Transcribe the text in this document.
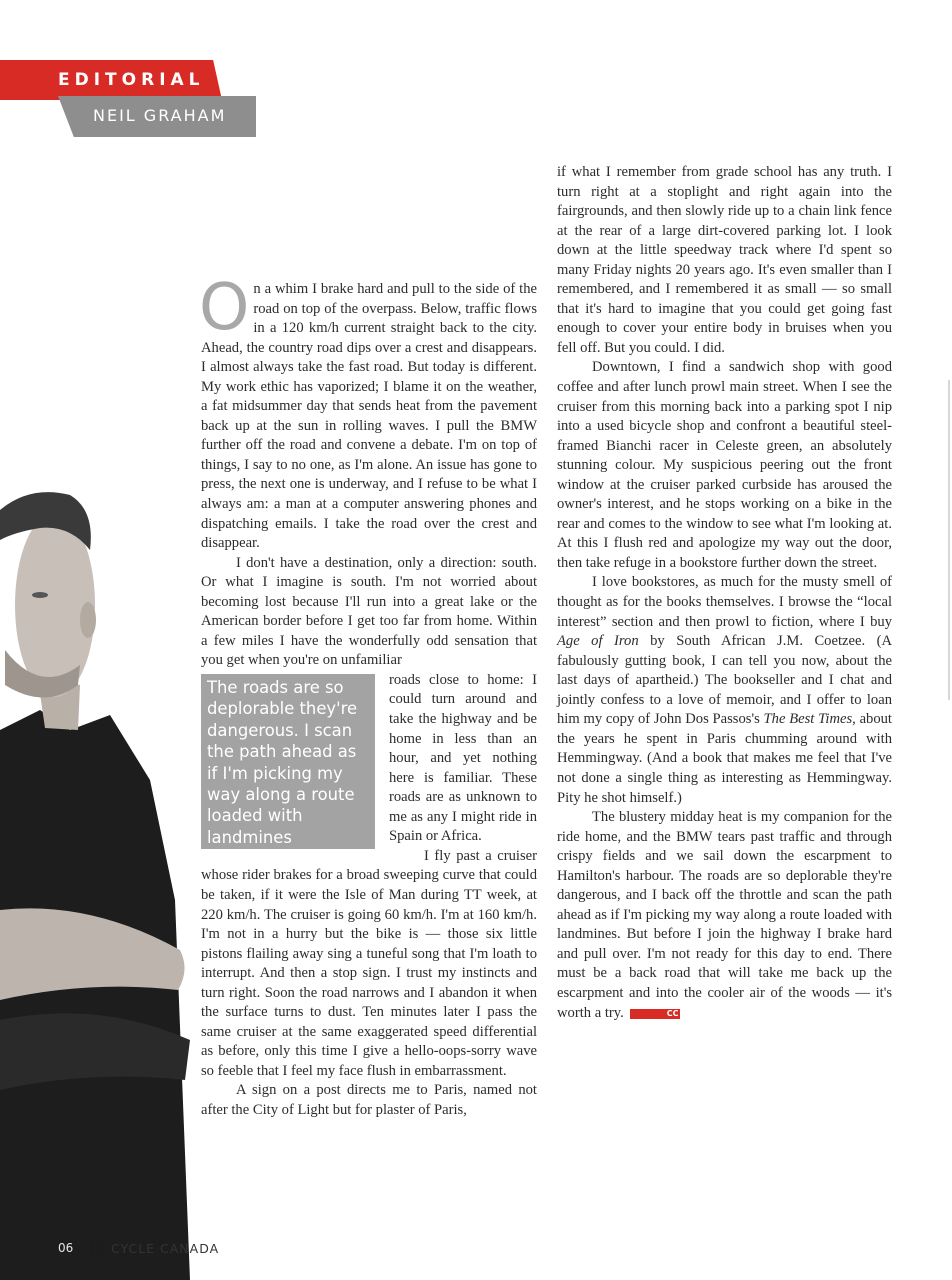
EDITORIAL
NEIL GRAHAM

On a whim I brake hard and pull to the side of the road on top of the overpass. Below, traffic flows in a 120 km/h current straight back to the city. Ahead, the country road dips over a crest and disappears. I almost always take the fast road. But today is different. My work ethic has vaporized; I blame it on the weather, a fat midsummer day that sends heat from the pavement back up at the sun in rolling waves. I pull the BMW further off the road and convene a debate. I'm on top of things, I say to no one, as I'm alone. An issue has gone to press, the next one is underway, and I refuse to be what I always am: a man at a computer answering phones and dispatching emails. I take the road over the crest and disappear.

I don't have a destination, only a direction: south. Or what I imagine is south. I'm not worried about becoming lost because I'll run into a great lake or the American border before I get too far from home. Within a few miles I have the wonderfully odd sensation that you get when you're on unfamiliar

The roads are so deplorable they're dangerous. I scan the path ahead as if I'm picking my way along a route loaded with landmines

roads close to home: I could turn around and take the highway and be home in less than an hour, and yet nothing here is familiar. These roads are as unknown to me as any I might ride in Spain or Africa.

I fly past a cruiser whose rider brakes for a broad sweeping curve that could be taken, if it were the Isle of Man during TT week, at 220 km/h. The cruiser is going 60 km/h. I'm at 160 km/h. I'm not in a hurry but the bike is — those six little pistons flailing away sing a tuneful song that I'm loath to interrupt. And then a stop sign. I trust my instincts and turn right. Soon the road narrows and I abandon it when the surface turns to dust. Ten minutes later I pass the same cruiser at the same exaggerated speed differential as before, only this time I give a hello-oops-sorry wave so feeble that I feel my face flush in embarrassment.

A sign on a post directs me to Paris, named not after the City of Light but for plaster of Paris,

if what I remember from grade school has any truth. I turn right at a stoplight and right again into the fairgrounds, and then slowly ride up to a chain link fence at the rear of a large dirt-covered parking lot. I look down at the little speedway track where I'd spent so many Friday nights 20 years ago. It's even smaller than I remembered, and I remembered it as small — so small that it's hard to imagine that you could get going fast enough to cover your entire body in bruises when you fell off. But you could. I did.

Downtown, I find a sandwich shop with good coffee and after lunch prowl main street. When I see the cruiser from this morning back into a parking spot I nip into a used bicycle shop and confront a beautiful steel-framed Bianchi racer in Celeste green, an absolutely stunning colour. My suspicious peering out the front window at the cruiser parked curbside has aroused the owner's interest, and he stops working on a bike in the rear and comes to the window to see what I'm looking at. At this I flush red and apologize my way out the door, then take refuge in a bookstore further down the street.

I love bookstores, as much for the musty smell of thought as for the books themselves. I browse the “local interest” section and then prowl to fiction, where I buy Age of Iron by South African J.M. Coetzee. (A fabulously gutting book, I can tell you now, about the last days of apartheid.) The bookseller and I chat and jointly confess to a love of memoir, and I offer to loan him my copy of John Dos Passos's The Best Times, about the years he spent in Paris chumming around with Hemmingway. (And a book that makes me feel that I've not done a single thing as interesting as Hemmingway. Pity he shot himself.)

The blustery midday heat is my companion for the ride home, and the BMW tears past traffic and through crispy fields and we sail down the escarpment to Hamilton's harbour. The roads are so deplorable they're dangerous, and I back off the throttle and scan the path ahead as if I'm picking my way along a route loaded with landmines. But before I join the highway I brake hard and pull over. I'm not ready for this day to end. There must be a back road that will take me back up the escarpment and into the cooler air of the woods — it's worth a try.	CC

06	CYCLE CANADA
